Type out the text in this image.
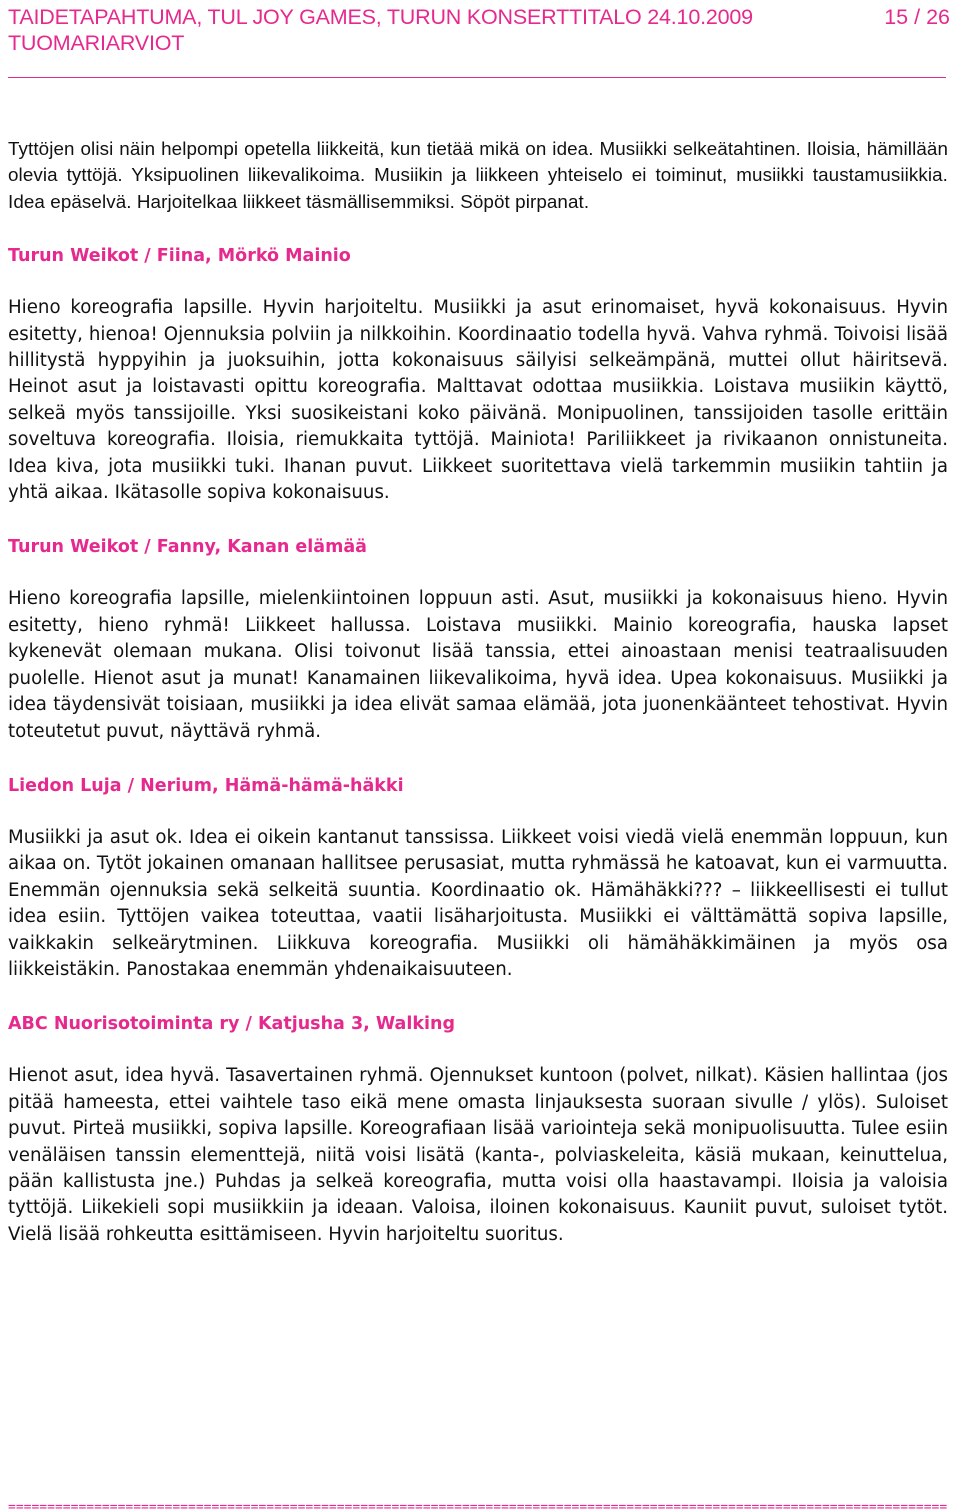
TAIDETAPAHTUMA, TUL JOY GAMES, TURUN KONSERTTITALO 24.10.2009
TUOMARIARVIOT
15 / 26

Tyttöjen olisi näin helpompi opetella liikkeitä, kun tietää mikä on idea. Musiikki selkeätahtinen. Iloisia, hämillään olevia tyttöjä. Yksipuolinen liikevalikoima. Musiikin ja liikkeen yhteiselo ei toiminut, musiikki taustamusiikkia. Idea epäselvä. Harjoitelkaa liikkeet täsmällisemmiksi. Söpöt pirpanat.

Turun Weikot / Fiina, Mörkö Mainio

Hieno koreografia lapsille. Hyvin harjoiteltu. Musiikki ja asut erinomaiset, hyvä kokonaisuus. Hyvin esitetty, hienoa! Ojennuksia polviin ja nilkkoihin. Koordinaatio todella hyvä. Vahva ryhmä. Toivoisi lisää hillitystä hyppyihin ja juoksuihin, jotta kokonaisuus säilyisi selkeämpänä, muttei ollut häiritsevä. Heinot asut ja loistavasti opittu koreografia. Malttavat odottaa musiikkia. Loistava musiikin käyttö, selkeä myös tanssijoille. Yksi suosikeistani koko päivänä. Monipuolinen, tanssijoiden tasolle erittäin soveltuva koreografia. Iloisia, riemukkaita tyttöjä. Mainiota! Pariliikkeet ja rivikaanon onnistuneita. Idea kiva, jota musiikki tuki. Ihanan puvut. Liikkeet suoritettava vielä tarkemmin musiikin tahtiin ja yhtä aikaa. Ikätasolle sopiva kokonaisuus.

Turun Weikot / Fanny, Kanan elämää

Hieno koreografia lapsille, mielenkiintoinen loppuun asti. Asut, musiikki ja kokonaisuus hieno. Hyvin esitetty, hieno ryhmä! Liikkeet hallussa. Loistava musiikki. Mainio koreografia, hauska lapset kykenevät olemaan mukana. Olisi toivonut lisää tanssia, ettei ainoastaan menisi teatraalisuuden puolelle. Hienot asut ja munat! Kanamainen liikevalikoima, hyvä idea. Upea kokonaisuus. Musiikki ja idea täydensivät toisiaan, musiikki ja idea elivät samaa elämää, jota juonenkäänteet tehostivat. Hyvin toteutetut puvut, näyttävä ryhmä.

Liedon Luja / Nerium, Hämä-hämä-häkki

Musiikki ja asut ok. Idea ei oikein kantanut tanssissa. Liikkeet voisi viedä vielä enemmän loppuun, kun aikaa on. Tytöt jokainen omanaan hallitsee perusasiat, mutta ryhmässä he katoavat, kun ei varmuutta. Enemmän ojennuksia sekä selkeitä suuntia. Koordinaatio ok. Hämähäkki??? – liikkeellisesti ei tullut idea esiin. Tyttöjen vaikea toteuttaa, vaatii lisäharjoitusta. Musiikki ei välttämättä sopiva lapsille, vaikkakin selkeärytminen. Liikkuva koreografia. Musiikki oli hämähäkkimäinen ja myös osa liikkeistäkin. Panostakaa enemmän yhdenaikaisuuteen.

ABC Nuorisotoiminta ry / Katjusha 3, Walking

Hienot asut, idea hyvä. Tasavertainen ryhmä. Ojennukset kuntoon (polvet, nilkat). Käsien hallintaa (jos pitää hameesta, ettei vaihtele taso eikä mene omasta linjauksesta suoraan sivulle / ylös). Suloiset puvut. Pirteä musiikki, sopiva lapsille. Koreografiaan lisää variointeja sekä monipuolisuutta. Tulee esiin venäläisen tanssin elementtejä, niitä voisi lisätä (kanta-, polviaskeleita, käsiä mukaan, keinuttelua, pään kallistusta jne.) Puhdas ja selkeä koreografia, mutta voisi olla haastavampi. Iloisia ja valoisia tyttöjä. Liikekieli sopi musiikkiin ja ideaan. Valoisa, iloinen kokonaisuus. Kauniit puvut, suloiset tytöt. Vielä lisää rohkeutta esittämiseen. Hyvin harjoiteltu suoritus.

========================================================================================================================
